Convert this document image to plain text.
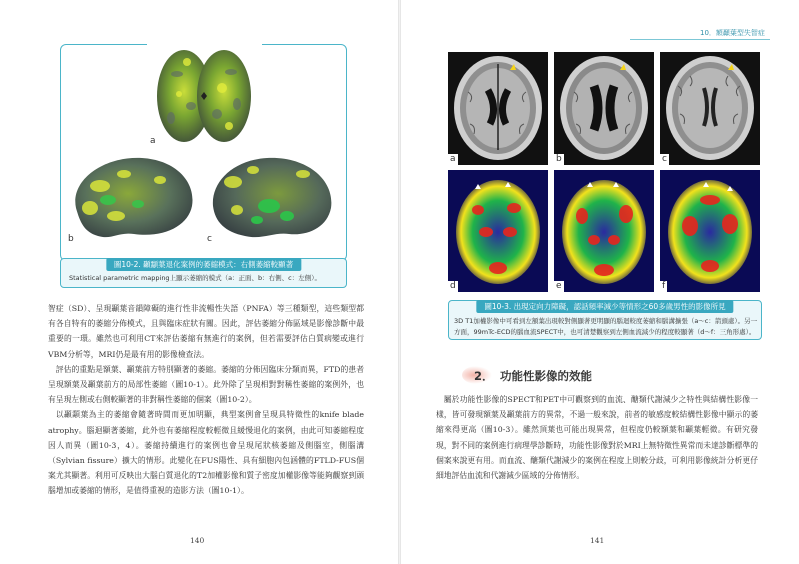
a
b	c
圖10-2. 顳顬葉退化案例的萎縮模式：右側萎縮較顯著
Statistical parametric mapping上顯示萎縮的模式（a：正面、b：右側、c：左側）。

智症（SD）、呈現顳葉音韻障礙的進行性非流暢性失語（PNFA）等三種類型，這些類型都有各自特有的萎縮分佈模式，且與臨床症狀有關。因此，評估萎縮分佈區域是影像診斷中最重要的一環。雖然也可利用CT來評估萎縮有無進行的案例，但若需要評估白質病變或進行VBM分析等，MRI仍是最有用的影像檢查法。

評估的重點是額葉、顳葉前方特別顯著的萎縮。萎縮的分佈因臨床分類而異，FTD的患者呈現額葉及顳葉前方的局部性萎縮（圖10-1）。此外除了呈現相對對稱性萎縮的案例外，也有呈現左側或右側較顯著的非對稱性萎縮的個案（圖10-2）。

以顳顬葉為主的萎縮會隨著時間而更加明顯，典型案例會呈現具特徵性的knife blade atrophy。腦迴顯著萎縮，此外也有萎縮程度較輕微且緩慢退化的案例，由此可知萎縮程度因人而異（圖10-3，4）。萎縮持續進行的案例也會呈現尾狀核萎縮及側腦室，側腦溝（Sylvian fissure）擴大的情形。此變化在FUS陽性、具有細胞內包涵體的FTLD-FUS個案尤其顯著。利用可反映出大腦白質退化的T2加權影像和質子密度加權影像等能夠觀察到頭腦增加或萎縮的情形，是值得重視的造影方法（圖10-1）。

140
10．額顳葉型失智症
a	b	c
d	e	f
圖10-3. 出現定向力障礙，認話頻率減少等情形之60多歲男性的影像所見
3D T1加權影像中可看到左額葉出現較對側顯著更明顯的腦迴較度萎縮和腦溝擴張（a～c：箭頭處）。另一
方面，99mTc-ECD的腦血流SPECT中，也可清楚觀察到左側血流減少的程度較顯著（d～f：三角形處）。
2． 功能性影像的效能

屬於功能性影像的SPECT和PET中可觀察到的血流、醣類代謝減少之特性與結構性影像一樣，皆可發現額葉及顳葉前方的異常，不過一般來說，前者的敏感度較結構性影像中顯示的萎縮來得更高（圖10-3）。雖然頂葉也可能出現異常，但程度仍較額葉和顳葉輕微。有研究發現，對不同的案例進行病理學診斷時，功能性影像對於MRI上無特徵性異常而未達診斷標準的個案來說更有用。而血流、醣類代謝減少的案例在程度上則較分歧，可利用影像統計分析更仔細地評估血流和代謝減少區域的分佈情形。

141
